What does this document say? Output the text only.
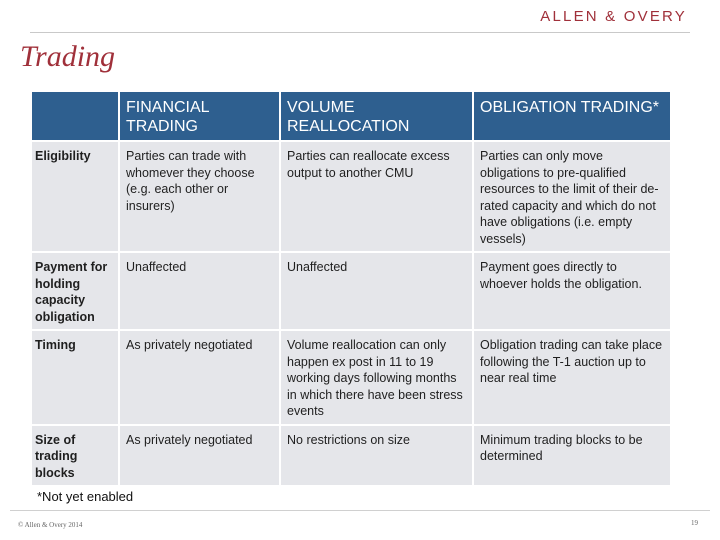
ALLEN & OVERY
Trading
	FINANCIAL TRADING	VOLUME REALLOCATION	OBLIGATION TRADING*
Eligibility	Parties can trade with whomever they choose (e.g. each other or insurers)	Parties can reallocate excess output to another CMU	Parties can only move obligations to pre-qualified resources to the limit of their de-rated capacity and which do not have obligations (i.e. empty vessels)
Payment for holding capacity obligation	Unaffected	Unaffected	Payment goes directly to whoever holds the obligation.
Timing	As privately negotiated	Volume reallocation can only happen ex post in 11 to 19 working days following months in which there have been stress events	Obligation trading can take place following the T-1 auction up to near real time
Size of trading blocks	As privately negotiated	No restrictions on size	Minimum trading blocks to be determined
*Not yet enabled
© Allen & Overy 2014	19
